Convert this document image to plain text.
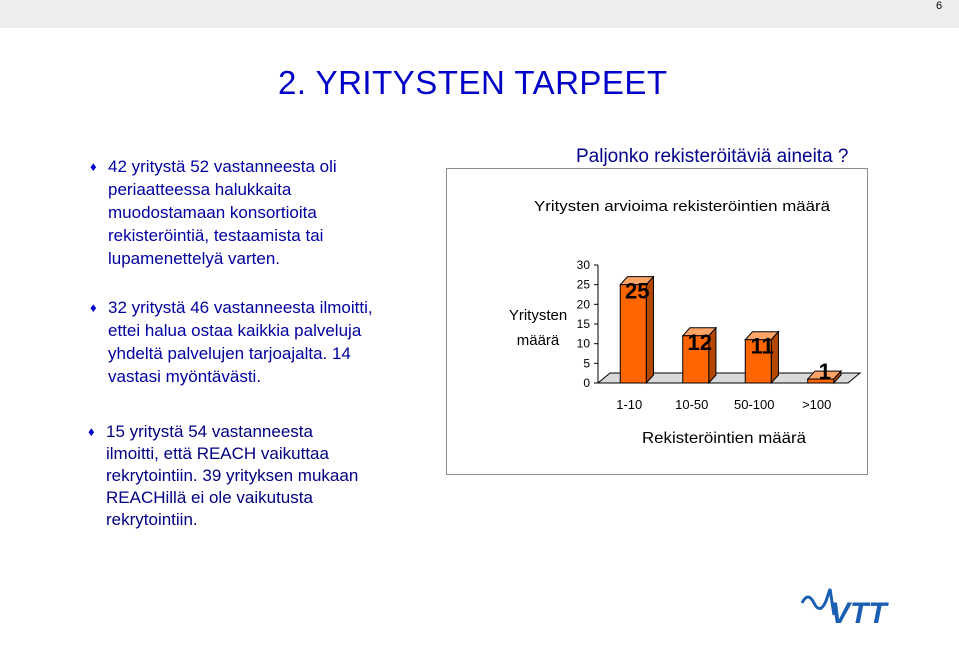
6
2. YRITYSTEN TARPEET
♦ 42 yritystä 52 vastanneesta oli
periaatteessa halukkaita
muodostamaan konsortioita
rekisteröintiä, testaamista tai
lupamenettelyä varten.
♦ 32 yritystä 46 vastanneesta ilmoitti,
ettei halua ostaa kaikkia palveluja
yhdeltä palvelujen tarjoajalta. 14
vastasi myöntävästi.
♦ 15 yritystä 54 vastanneesta
ilmoitti, että REACH vaikuttaa
rekrytointiin. 39 yrityksen mukaan
REACHillä ei ole vaikutusta
rekrytointiin.
Paljonko rekisteröitäviä aineita ?
Yritysten arvioima rekisteröintien määrä
Yritysten
määrä
30
25
20
15
10
5
0
25
1-10
12
10-50
11
50-100
1
>100
Rekisteröintien määrä
VTT
